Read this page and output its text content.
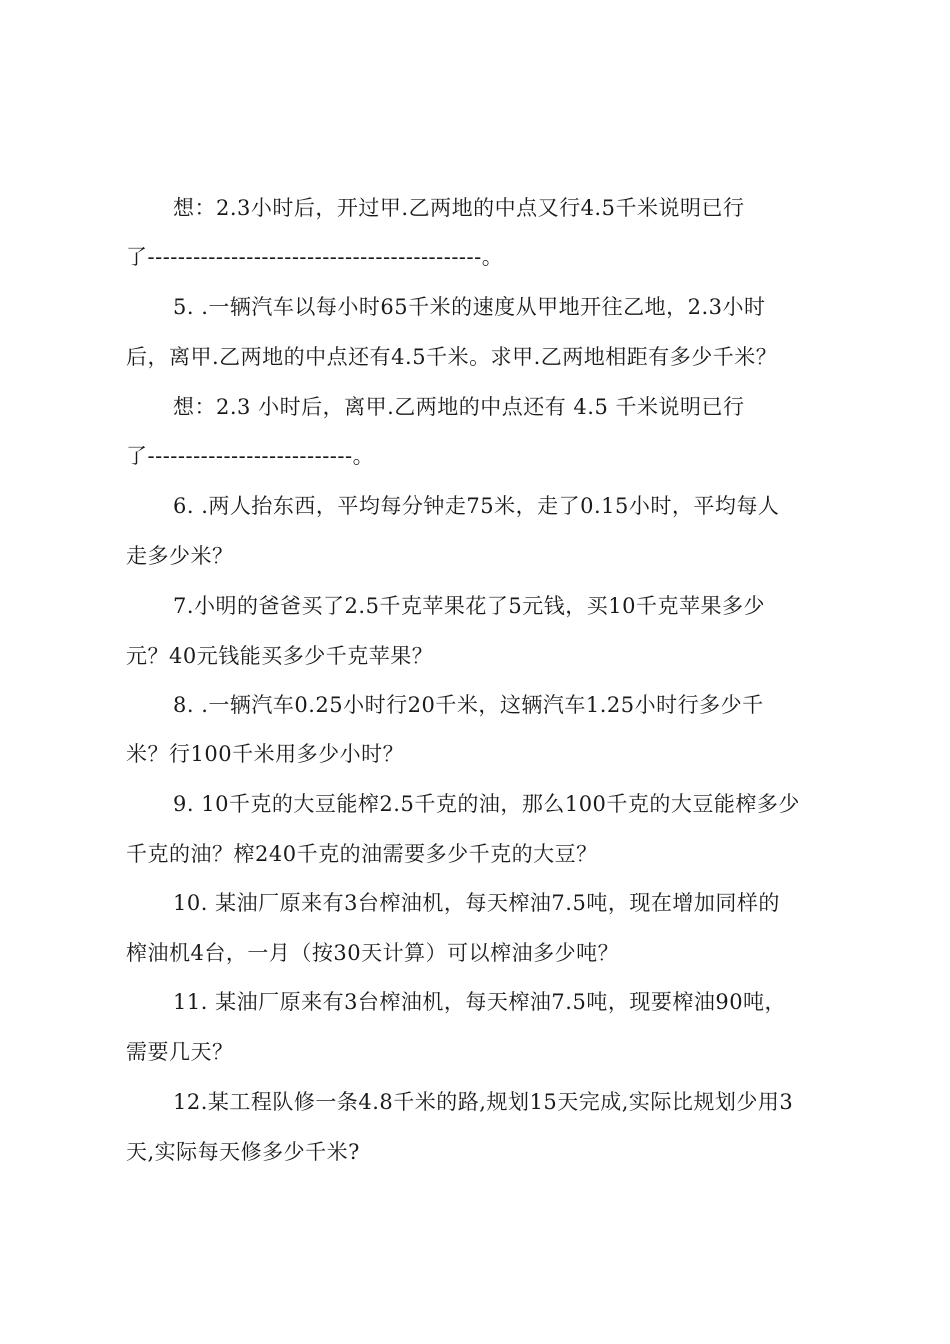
想：2.3小时后，开过甲.乙两地的中点又行4.5千米说明已行
了--------------------------------------------。
5. .一辆汽车以每小时65千米的速度从甲地开往乙地，2.3小时
后，离甲.乙两地的中点还有4.5千米。求甲.乙两地相距有多少千米？
想：2.3 小时后，离甲.乙两地的中点还有 4.5 千米说明已行
了---------------------------。
6. .两人抬东西，平均每分钟走75米，走了0.15小时，平均每人
走多少米？
7.小明的爸爸买了2.5千克苹果花了5元钱，买10千克苹果多少
元？40元钱能买多少千克苹果？
8. .一辆汽车0.25小时行20千米，这辆汽车1.25小时行多少千
米？行100千米用多少小时？
9. 10千克的大豆能榨2.5千克的油，那么100千克的大豆能榨多少
千克的油？榨240千克的油需要多少千克的大豆？
10. 某油厂原来有3台榨油机，每天榨油7.5吨，现在增加同样的
榨油机4台，一月（按30天计算）可以榨油多少吨？
11. 某油厂原来有3台榨油机，每天榨油7.5吨，现要榨油90吨，
需要几天？
12.某工程队修一条4.8千米的路,规划15天完成,实际比规划少用3
天,实际每天修多少千米?
